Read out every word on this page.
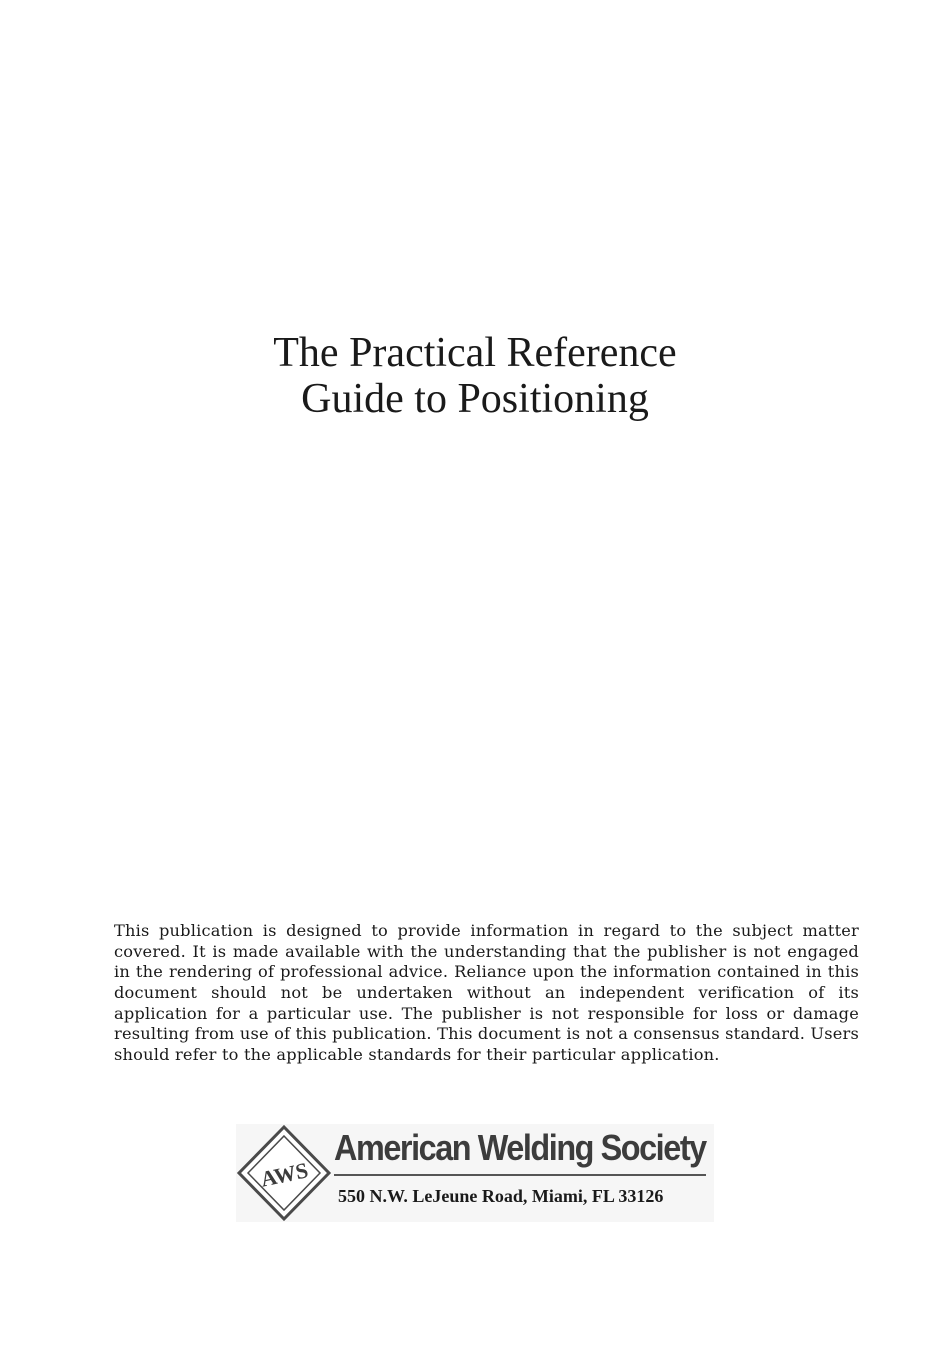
The Practical Reference
Guide to Positioning

This publication is designed to provide information in regard to the subject matter covered. It is made available with the understanding that the publisher is not engaged in the rendering of professional advice. Reliance upon the information contained in this document should not be undertaken without an independent verification of its application for a particular use. The publisher is not responsible for loss or damage resulting from use of this publication. This document is not a consensus standard. Users should refer to the applicable standards for their particular application.

AWS
American Welding Society
550 N.W. LeJeune Road, Miami, FL 33126
